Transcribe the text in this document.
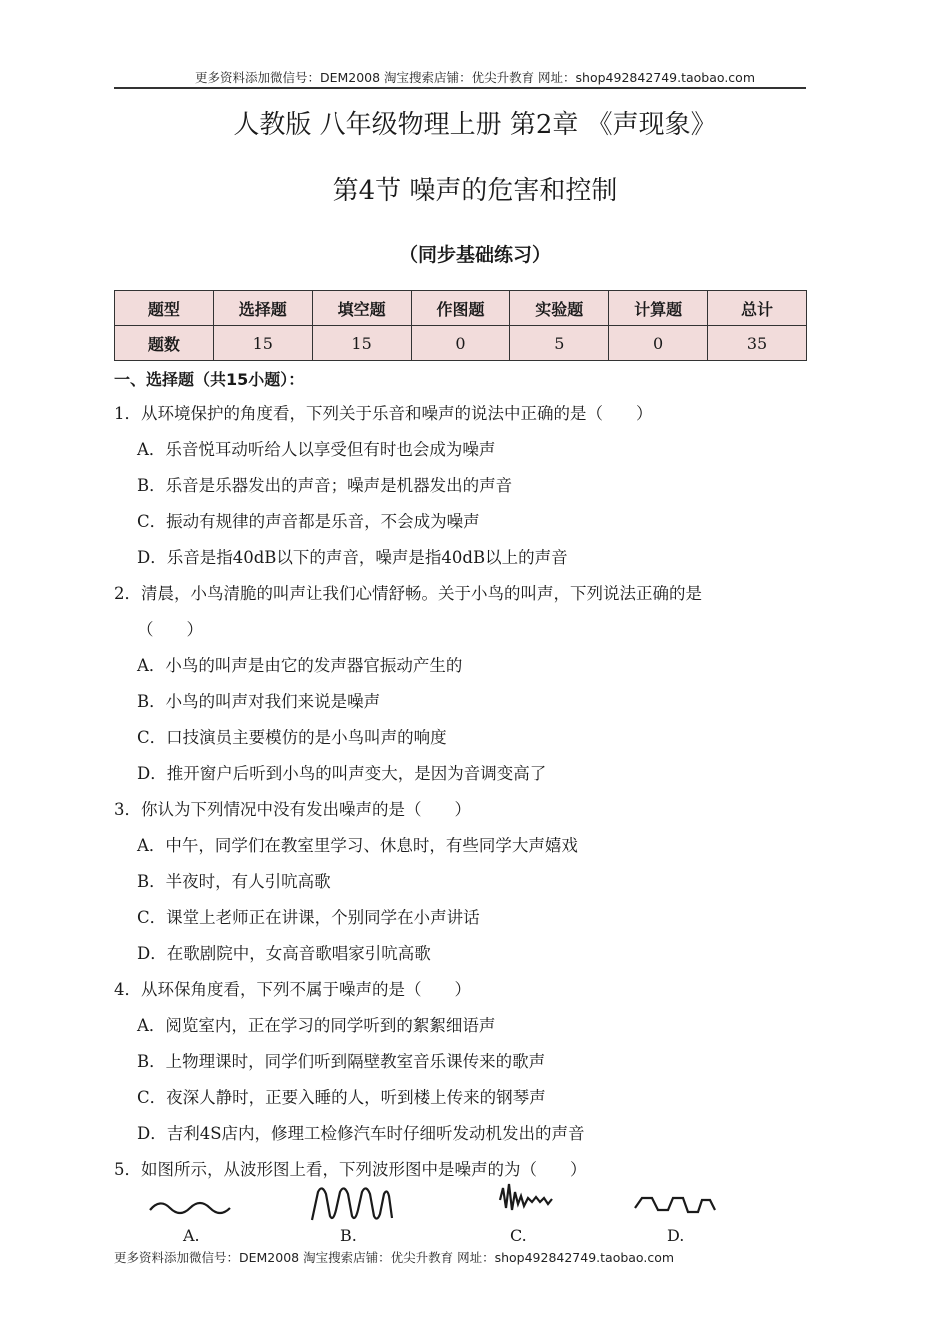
更多资料添加微信号：DEM2008 淘宝搜索店铺：优尖升教育 网址：shop492842749.taobao.com
人教版 八年级物理上册 第2章 《声现象》
第4节 噪声的危害和控制
（同步基础练习）
题型	选择题	填空题	作图题	实验题	计算题	总计
题数	15	15	0	5	0	35
一、选择题（共15小题）：
1．从环境保护的角度看，下列关于乐音和噪声的说法中正确的是（　　）
A．乐音悦耳动听给人以享受但有时也会成为噪声
B．乐音是乐器发出的声音；噪声是机器发出的声音
C．振动有规律的声音都是乐音，不会成为噪声
D．乐音是指40dB以下的声音，噪声是指40dB以上的声音
2．清晨，小鸟清脆的叫声让我们心情舒畅。关于小鸟的叫声，下列说法正确的是
（　　）
A．小鸟的叫声是由它的发声器官振动产生的
B．小鸟的叫声对我们来说是噪声
C．口技演员主要模仿的是小鸟叫声的响度
D．推开窗户后听到小鸟的叫声变大，是因为音调变高了
3．你认为下列情况中没有发出噪声的是（　　）
A．中午，同学们在教室里学习、休息时，有些同学大声嬉戏
B．半夜时，有人引吭高歌
C．课堂上老师正在讲课，个别同学在小声讲话
D．在歌剧院中，女高音歌唱家引吭高歌
4．从环保角度看，下列不属于噪声的是（　　）
A．阅览室内，正在学习的同学听到的絮絮细语声
B．上物理课时，同学们听到隔壁教室音乐课传来的歌声
C．夜深人静时，正要入睡的人，听到楼上传来的钢琴声
D．吉利4S店内，修理工检修汽车时仔细听发动机发出的声音
5．如图所示，从波形图上看，下列波形图中是噪声的为（　　）
A.	B.	C.	D.
更多资料添加微信号：DEM2008 淘宝搜索店铺：优尖升教育 网址：shop492842749.taobao.com
